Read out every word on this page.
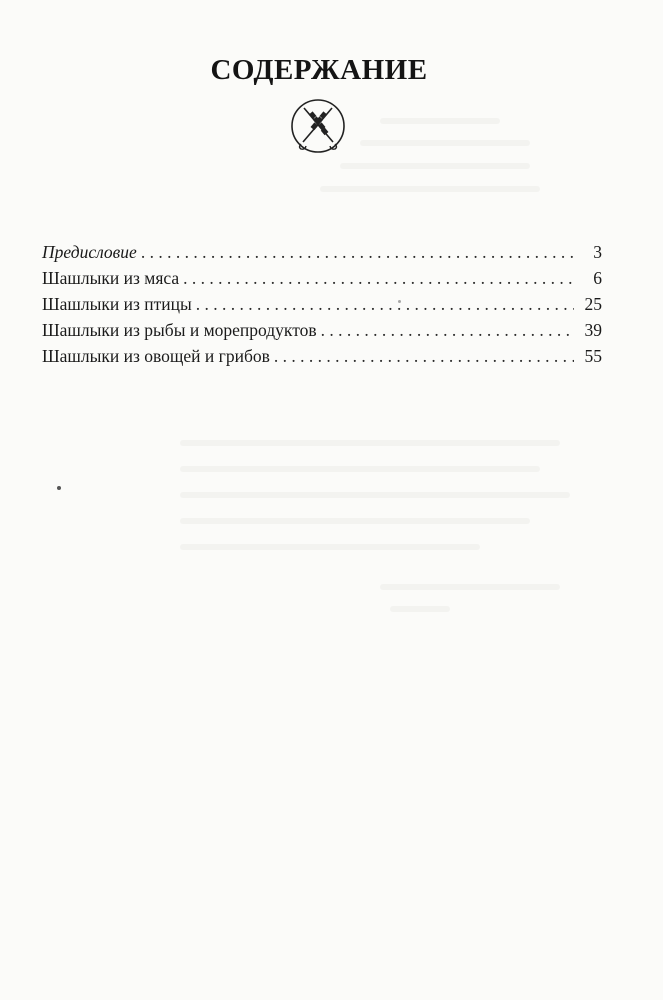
СОДЕРЖАНИЕ
Предисловие . . .	3
Шашлыки из мяса . . .	6
Шашлыки из птицы . . .	25
Шашлыки из рыбы и морепродуктов . . .	39
Шашлыки из овощей и грибов . . .	55
